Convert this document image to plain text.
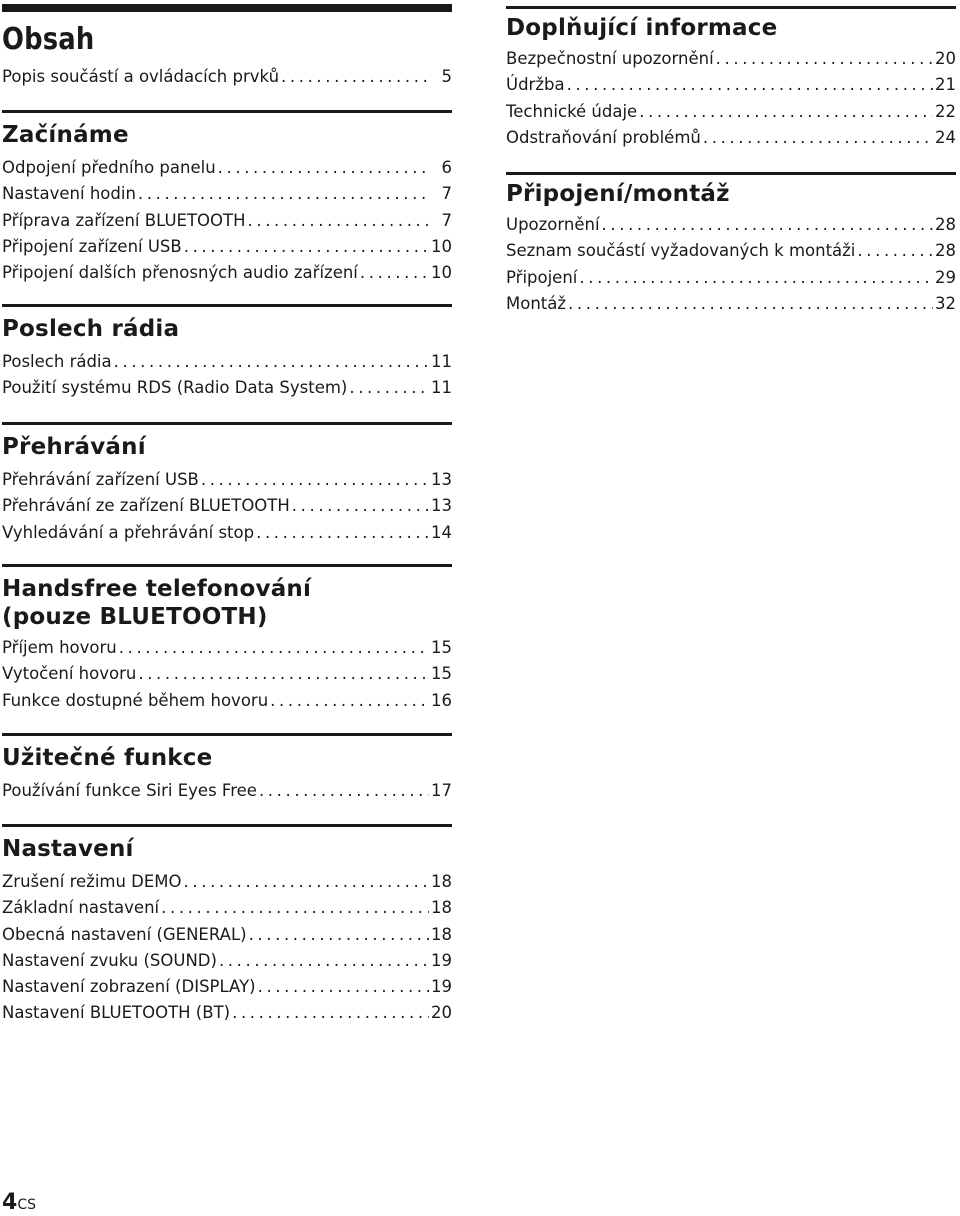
Obsah
Popis součástí a ovládacích prvků .....	5
Začínáme
Odpojení předního panelu .....	6
Nastavení hodin .....	7
Příprava zařízení BLUETOOTH .....	7
Připojení zařízení USB .....	10
Připojení dalších přenosných audio zařízení .....	10
Poslech rádia
Poslech rádia .....	11
Použití systému RDS (Radio Data System) .....	11
Přehrávání
Přehrávání zařízení USB .....	13
Přehrávání ze zařízení BLUETOOTH .....	13
Vyhledávání a přehrávání stop .....	14
Handsfree telefonování
(pouze BLUETOOTH)
Příjem hovoru .....	15
Vytočení hovoru .....	15
Funkce dostupné během hovoru .....	16
Užitečné funkce
Používání funkce Siri Eyes Free .....	17
Nastavení
Zrušení režimu DEMO .....	18
Základní nastavení .....	18
Obecná nastavení (GENERAL) .....	18
Nastavení zvuku (SOUND) .....	19
Nastavení zobrazení (DISPLAY) .....	19
Nastavení BLUETOOTH (BT) .....	20
Doplňující informace
Bezpečnostní upozornění .....	20
Údržba .....	21
Technické údaje .....	22
Odstraňování problémů .....	24
Připojení/montáž
Upozornění .....	28
Seznam součástí vyžadovaných k montáži .....	28
Připojení .....	29
Montáž .....	32
4CS
